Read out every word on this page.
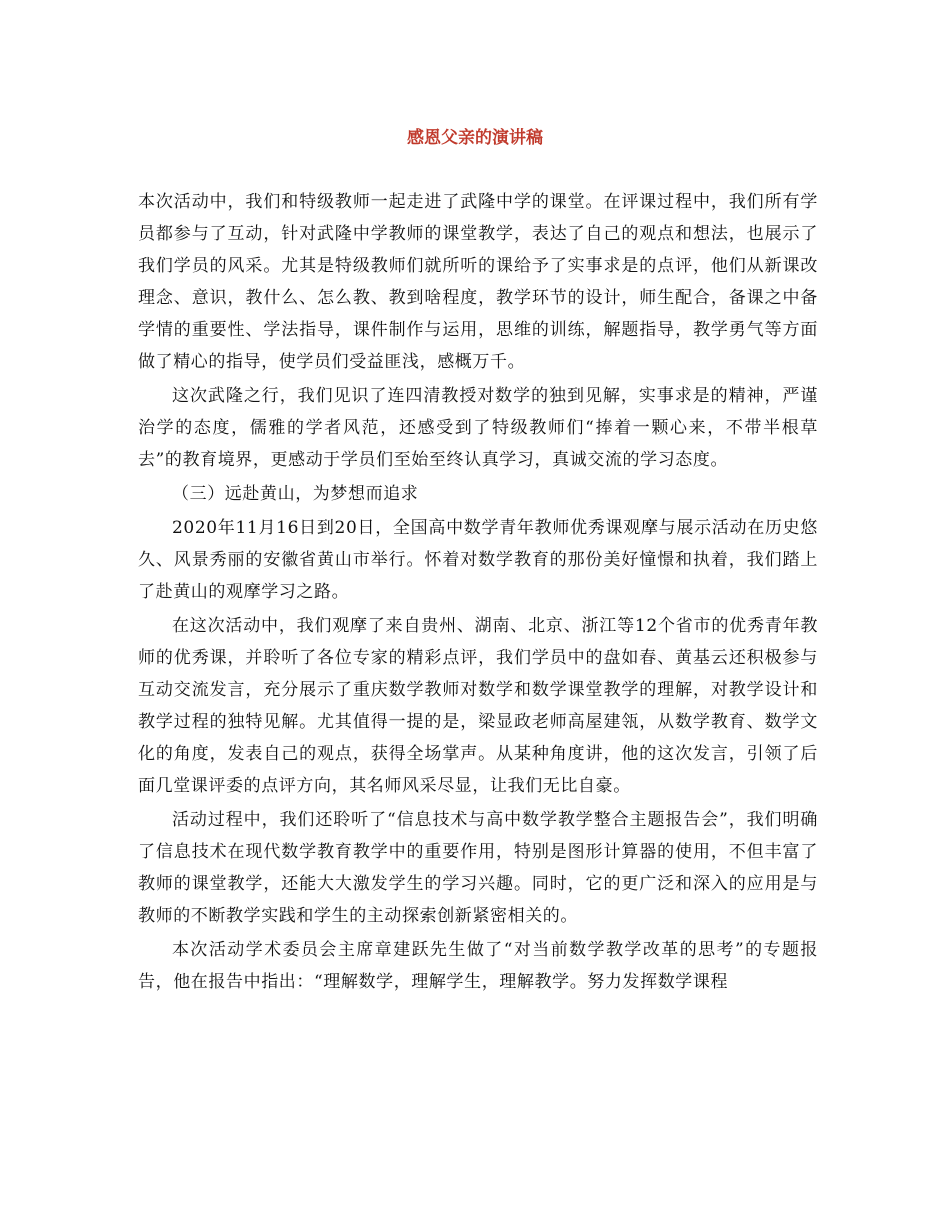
感恩父亲的演讲稿

本次活动中，我们和特级教师一起走进了武隆中学的课堂。在评课过程中，我们所有学员都参与了互动，针对武隆中学教师的课堂教学，表达了自己的观点和想法，也展示了我们学员的风采。尤其是特级教师们就所听的课给予了实事求是的点评，他们从新课改理念、意识，教什么、怎么教、教到啥程度，教学环节的设计，师生配合，备课之中备学情的重要性、学法指导，课件制作与运用，思维的训练，解题指导，教学勇气等方面做了精心的指导，使学员们受益匪浅，感概万千。

这次武隆之行，我们见识了连四清教授对数学的独到见解，实事求是的精神，严谨治学的态度，儒雅的学者风范，还感受到了特级教师们“捧着一颗心来，不带半根草去”的教育境界，更感动于学员们至始至终认真学习，真诚交流的学习态度。

（三）远赴黄山，为梦想而追求

2020年11月16日到20日，全国高中数学青年教师优秀课观摩与展示活动在历史悠久、风景秀丽的安徽省黄山市举行。怀着对数学教育的那份美好憧憬和执着，我们踏上了赴黄山的观摩学习之路。

在这次活动中，我们观摩了来自贵州、湖南、北京、浙江等12个省市的优秀青年教师的优秀课，并聆听了各位专家的精彩点评，我们学员中的盘如春、黄基云还积极参与互动交流发言，充分展示了重庆数学教师对数学和数学课堂教学的理解，对教学设计和教学过程的独特见解。尤其值得一提的是，梁显政老师高屋建瓴，从数学教育、数学文化的角度，发表自己的观点，获得全场掌声。从某种角度讲，他的这次发言，引领了后面几堂课评委的点评方向，其名师风采尽显，让我们无比自豪。

活动过程中，我们还聆听了“信息技术与高中数学教学整合主题报告会”，我们明确了信息技术在现代数学教育教学中的重要作用，特别是图形计算器的使用，不但丰富了教师的课堂教学，还能大大激发学生的学习兴趣。同时，它的更广泛和深入的应用是与教师的不断教学实践和学生的主动探索创新紧密相关的。

本次活动学术委员会主席章建跃先生做了“对当前数学教学改革的思考”的专题报告，他在报告中指出：“理解数学，理解学生，理解教学。努力发挥数学课程
